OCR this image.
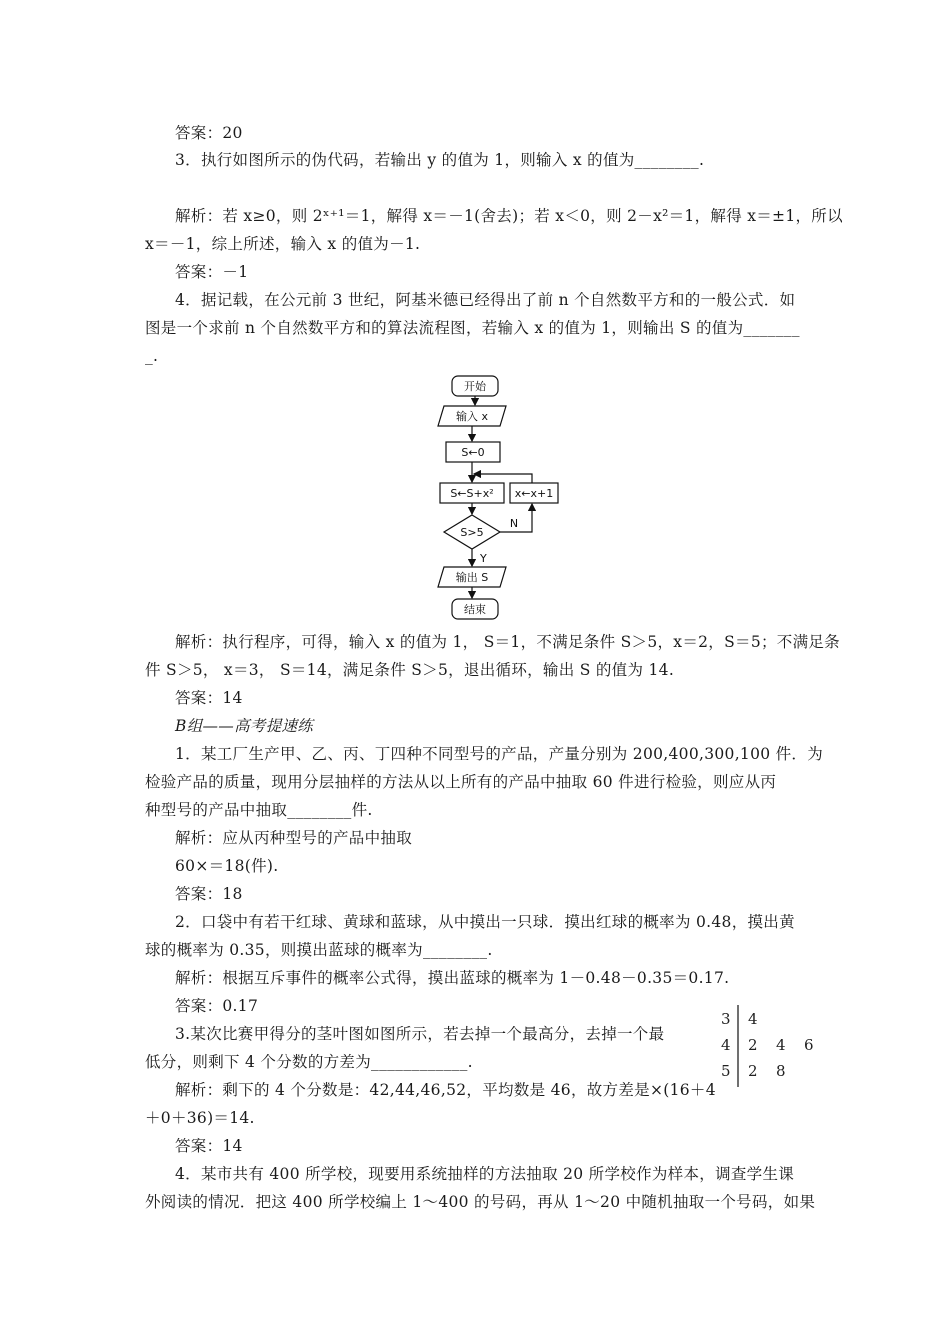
答案：20
3．执行如图所示的伪代码，若输出 y 的值为 1，则输入 x 的值为________.
解析：若 x≥0，则 2ˣ⁺¹＝1，解得 x＝－1(舍去)；若 x＜0，则 2－x²＝1，解得 x＝±1，所以
x＝－1，综上所述，输入 x 的值为－1.
答案：－1
4．据记载，在公元前 3 世纪，阿基米德已经得出了前 n 个自然数平方和的一般公式．如
图是一个求前 n 个自然数平方和的算法流程图，若输入 x 的值为 1，则输出 S 的值为_______
_.
开始
输入 x
S←0
S←S+x² x←x+1
S>5
N
Y
输出 S
结束
解析：执行程序，可得，输入 x 的值为 1， S＝1，不满足条件 S＞5，x＝2，S＝5；不满足条
件 S＞5， x＝3， S＝14，满足条件 S＞5，退出循环，输出 S 的值为 14.
答案：14
B组——高考提速练
1．某工厂生产甲、乙、丙、丁四种不同型号的产品，产量分别为 200,400,300,100 件．为
检验产品的质量，现用分层抽样的方法从以上所有的产品中抽取 60 件进行检验，则应从丙
种型号的产品中抽取________件.
解析：应从丙种型号的产品中抽取
60×＝18(件).
答案：18
2．口袋中有若干红球、黄球和蓝球，从中摸出一只球．摸出红球的概率为 0.48，摸出黄
球的概率为 0.35，则摸出蓝球的概率为________.
解析：根据互斥事件的概率公式得，摸出蓝球的概率为 1－0.48－0.35＝0.17.
答案：0.17
3.某次比赛甲得分的茎叶图如图所示，若去掉一个最高分，去掉一个最
低分，则剩下 4 个分数的方差为____________.
解析：剩下的 4 个分数是：42,44,46,52，平均数是 46，故方差是×(16＋4
＋0＋36)＝14.
答案：14
4．某市共有 400 所学校，现要用系统抽样的方法抽取 20 所学校作为样本，调查学生课
外阅读的情况．把这 400 所学校编上 1～400 的号码，再从 1～20 中随机抽取一个号码，如果
3 4
4 2 4 6
5 2 8
